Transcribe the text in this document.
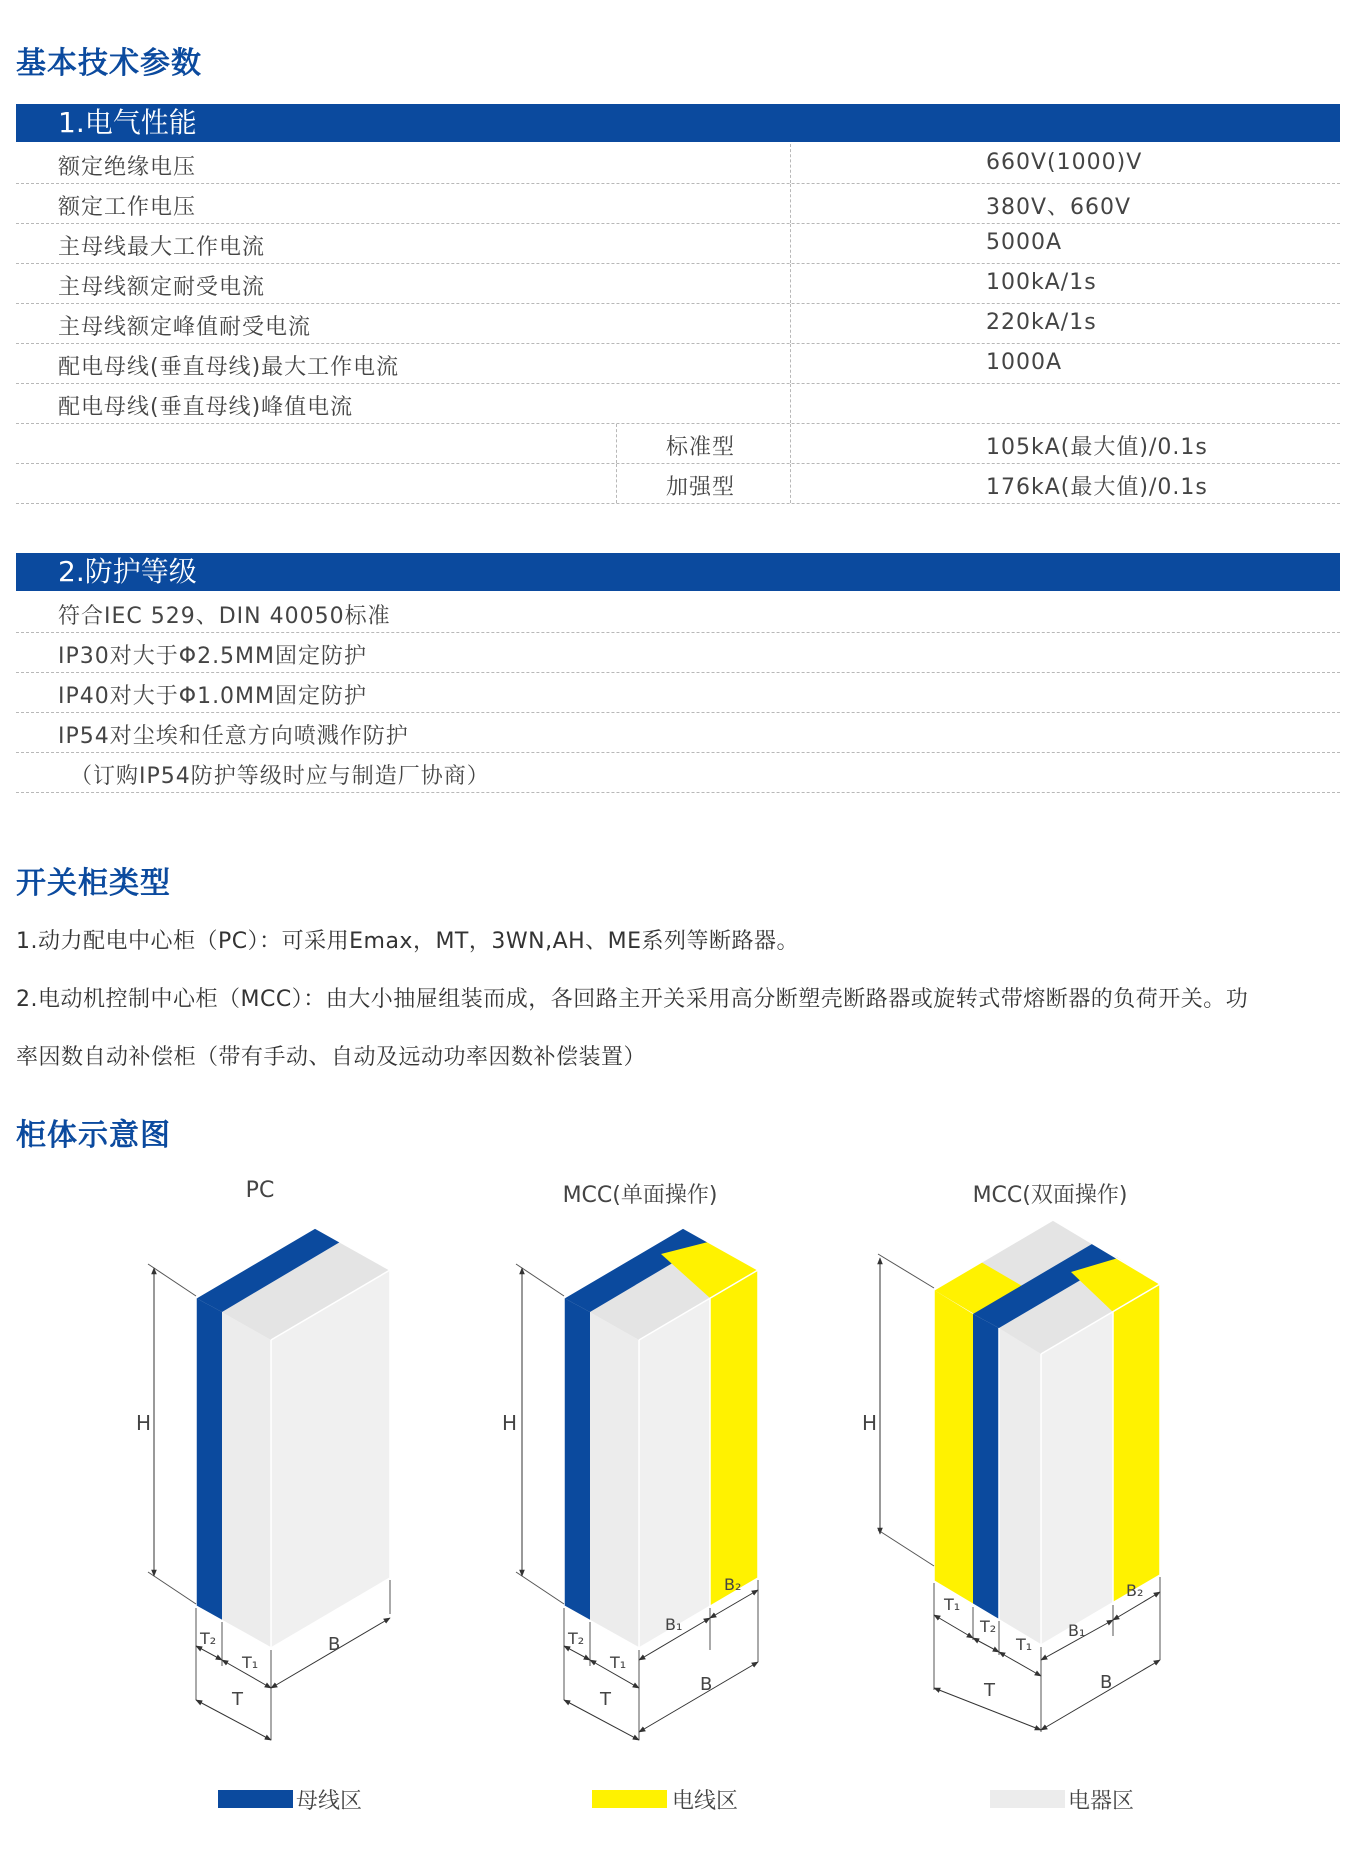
基本技术参数
1.电气性能
额定绝缘电压	660V(1000)V
额定工作电压	380V、660V
主母线最大工作电流	5000A
主母线额定耐受电流	100kA/1s
主母线额定峰值耐受电流	220kA/1s
配电母线(垂直母线)最大工作电流	1000A
配电母线(垂直母线)峰值电流
标准型	105kA(最大值)/0.1s
加强型	176kA(最大值)/0.1s
2.防护等级
符合IEC 529、DIN 40050标准
IP30对大于Φ2.5MM固定防护
IP40对大于Φ1.0MM固定防护
IP54对尘埃和任意方向喷溅作防护
（订购IP54防护等级时应与制造厂协商）
开关柜类型
1.动力配电中心柜（PC）：可采用Emax，MT，3WN,AH、ME系列等断路器。
2.电动机控制中心柜（MCC）：由大小抽屉组装而成，各回路主开关采用高分断塑壳断路器或旋转式带熔断器的负荷开关。功
率因数自动补偿柜（带有手动、自动及远动功率因数补偿装置）
柜体示意图
PC	MCC(单面操作)	MCC(双面操作)
H
T₂
T₁
T
B
H
T₂
T₁
T
B₁
B₂
B
H
T₁
T₂
T₁
T
B₁
B₂
B
母线区	电线区	电器区
